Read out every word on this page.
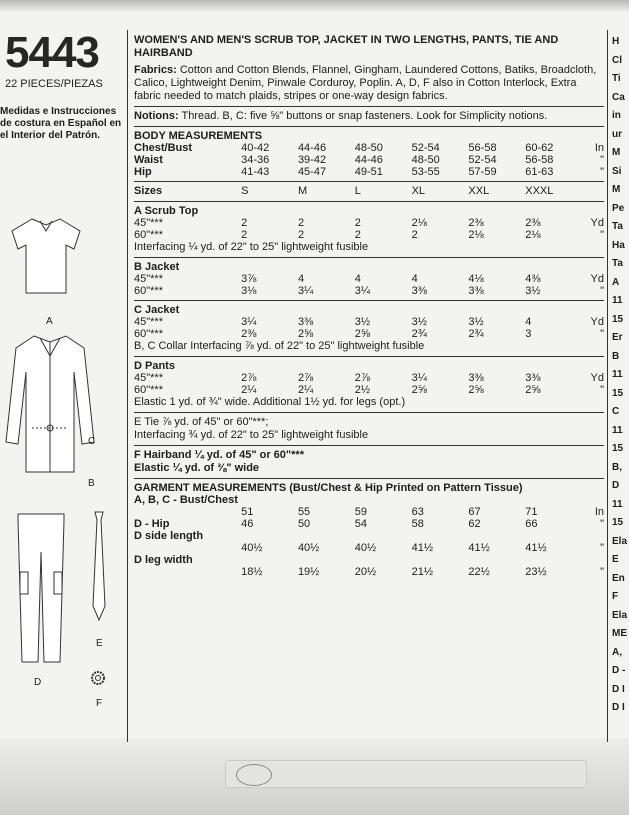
5443
22 PIECES/PIEZAS
Medidas e Instrucciones de costura en Español en el Interior del Patrón.
A
C
B
D
E
F
WOMEN'S AND MEN'S SCRUB TOP, JACKET IN TWO LENGTHS, PANTS, TIE AND HAIRBAND
Fabrics: Cotton and Cotton Blends, Flannel, Gingham, Laundered Cottons, Batiks, Broadcloth, Calico, Lightweight Denim, Pinwale Corduroy, Poplin. A, D, F also in Cotton Interlock, Extra fabric needed to match plaids, stripes or one-way design fabrics.
Notions: Thread. B, C: five ⅝" buttons or snap fasteners. Look for Simplicity notions.
BODY MEASUREMENTS
Chest/Bust	40-42	44-46	48-50	52-54	56-58	60-62	In
Waist	34-36	39-42	44-46	48-50	52-54	56-58	"
Hip	41-43	45-47	49-51	53-55	57-59	61-63	"
Sizes	S	M	L	XL	XXL	XXXL	
A Scrub Top
45"***	2	2	2	2⅛	2⅜	2⅜	Yd
60"***	2	2	2	2	2⅛	2⅛	"
Interfacing ¼ yd. of 22" to 25" lightweight fusible
B Jacket
45"***	3⅞	4	4	4	4⅛	4⅜	Yd
60"***	3⅛	3¼	3¼	3⅜	3⅜	3½	"
C Jacket
45"***	3¼	3⅜	3½	3½	3½	4	Yd
60"***	2⅜	2⅝	2⅝	2¾	2¾	3	"
B, C Collar Interfacing ⅞ yd. of 22" to 25" lightweight fusible
D Pants
45"***	2⅞	2⅞	2⅞	3¼	3⅜	3⅜	Yd
60"***	2¼	2¼	2½	2⅝	2⅝	2⅝	"
Elastic 1 yd. of ¾" wide. Additional 1½ yd. for legs (opt.)
E Tie ⅞ yd. of 45" or 60"***;
Interfacing ¾ yd. of 22" to 25" lightweight fusible
F Hairband ¼ yd. of 45" or 60"***
Elastic ¼ yd. of ⅜" wide
GARMENT MEASUREMENTS (Bust/Chest & Hip Printed on Pattern Tissue)
A, B, C - Bust/Chest
	51	55	59	63	67	71	In
D - Hip	46	50	54	58	62	66	"
D side length							
	40½	40½	40½	41½	41½	41½	"
D leg width							
	18½	19½	20½	21½	22½	23½	"
H
Cl
Ti
Ca
in
ur
M
Si
M
Pe
Ta
Ha
Ta
A
11
15
Er
B
11
15
C
11
15
B,
D
11
15
Ela
E
En
F
Ela
ME
A,
D -
D I
D I
